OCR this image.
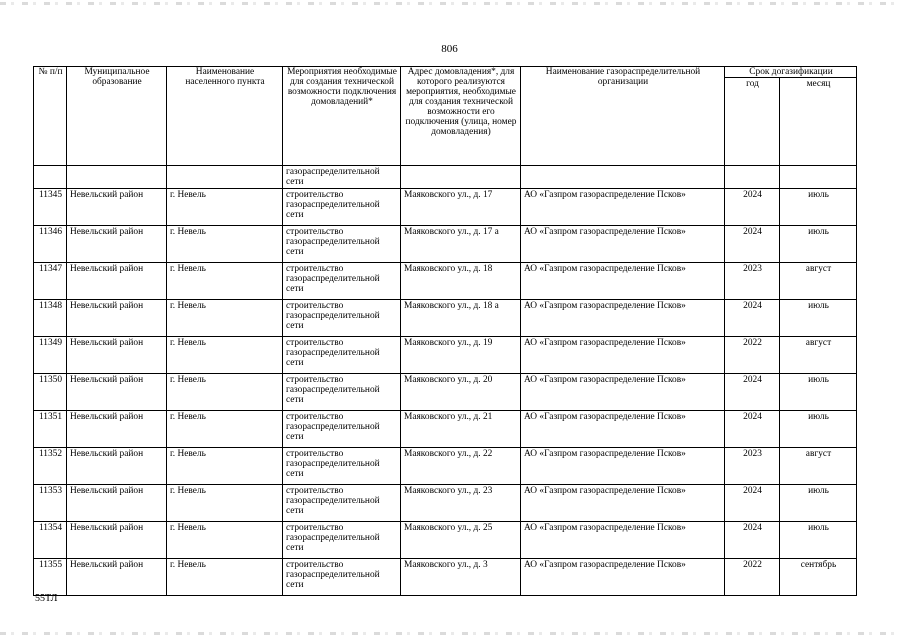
806
№ п/п	Муниципальное образование	Наименование населенного пункта	Мероприятия необходимые для создания технической возможности подключения домовладений*	Адрес домовладения*, для которого реализуются мероприятия, необходимые для создания технической возможности его подключения (улица, номер домовладения)	Наименование газораспределительной организации	Срок догазификации	
						год	месяц
			газораспределительной сети				
11345	Невельский район	г. Невель	строительство газораспределительной сети	Маяковского ул., д. 17	АО «Газпром газораспределение Псков»	2024	июль
11346	Невельский район	г. Невель	строительство газораспределительной сети	Маяковского ул., д. 17 а	АО «Газпром газораспределение Псков»	2024	июль
11347	Невельский район	г. Невель	строительство газораспределительной сети	Маяковского ул., д. 18	АО «Газпром газораспределение Псков»	2023	август
11348	Невельский район	г. Невель	строительство газораспределительной сети	Маяковского ул., д. 18 а	АО «Газпром газораспределение Псков»	2024	июль
11349	Невельский район	г. Невель	строительство газораспределительной сети	Маяковского ул., д. 19	АО «Газпром газораспределение Псков»	2022	август
11350	Невельский район	г. Невель	строительство газораспределительной сети	Маяковского ул., д. 20	АО «Газпром газораспределение Псков»	2024	июль
11351	Невельский район	г. Невель	строительство газораспределительной сети	Маяковского ул., д. 21	АО «Газпром газораспределение Псков»	2024	июль
11352	Невельский район	г. Невель	строительство газораспределительной сети	Маяковского ул., д. 22	АО «Газпром газораспределение Псков»	2023	август
11353	Невельский район	г. Невель	строительство газораспределительной сети	Маяковского ул., д. 23	АО «Газпром газораспределение Псков»	2024	июль
11354	Невельский район	г. Невель	строительство газораспределительной сети	Маяковского ул., д. 25	АО «Газпром газораспределение Псков»	2024	июль
11355	Невельский район	г. Невель	строительство газораспределительной сети	Маяковского ул., д. 3	АО «Газпром газораспределение Псков»	2022	сентябрь
55ТЛ
